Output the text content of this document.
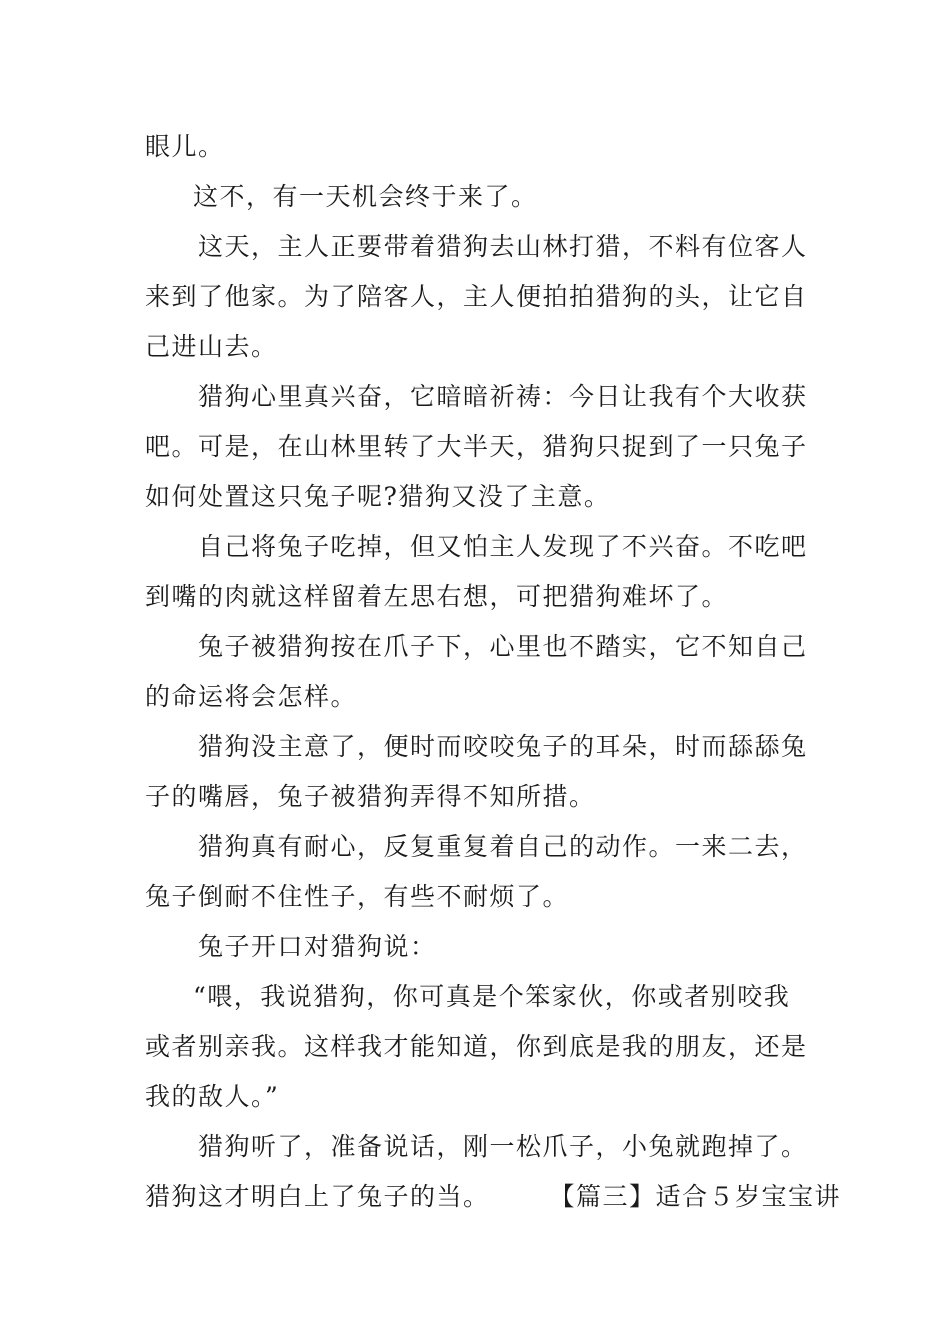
眼儿。
这不，有一天机会终于来了。
这天，主人正要带着猎狗去山林打猎，不料有位客人
来到了他家。为了陪客人，主人便拍拍猎狗的头，让它自
己进山去。
猎狗心里真兴奋，它暗暗祈祷：今日让我有个大收获
吧。可是，在山林里转了大半天，猎狗只捉到了一只兔子
如何处置这只兔子呢?猎狗又没了主意。
自己将兔子吃掉，但又怕主人发现了不兴奋。不吃吧
到嘴的肉就这样留着左思右想，可把猎狗难坏了。
兔子被猎狗按在爪子下，心里也不踏实，它不知自己
的命运将会怎样。
猎狗没主意了，便时而咬咬兔子的耳朵，时而舔舔兔
子的嘴唇，兔子被猎狗弄得不知所措。
猎狗真有耐心，反复重复着自己的动作。一来二去，
兔子倒耐不住性子，有些不耐烦了。
兔子开口对猎狗说：
“喂，我说猎狗，你可真是个笨家伙，你或者别咬我
或者别亲我。这样我才能知道，你到底是我的朋友，还是
我的敌人。”
猎狗听了，准备说话，刚一松爪子，小兔就跑掉了。
猎狗这才明白上了兔子的当。 【篇三】适合５岁宝宝讲
